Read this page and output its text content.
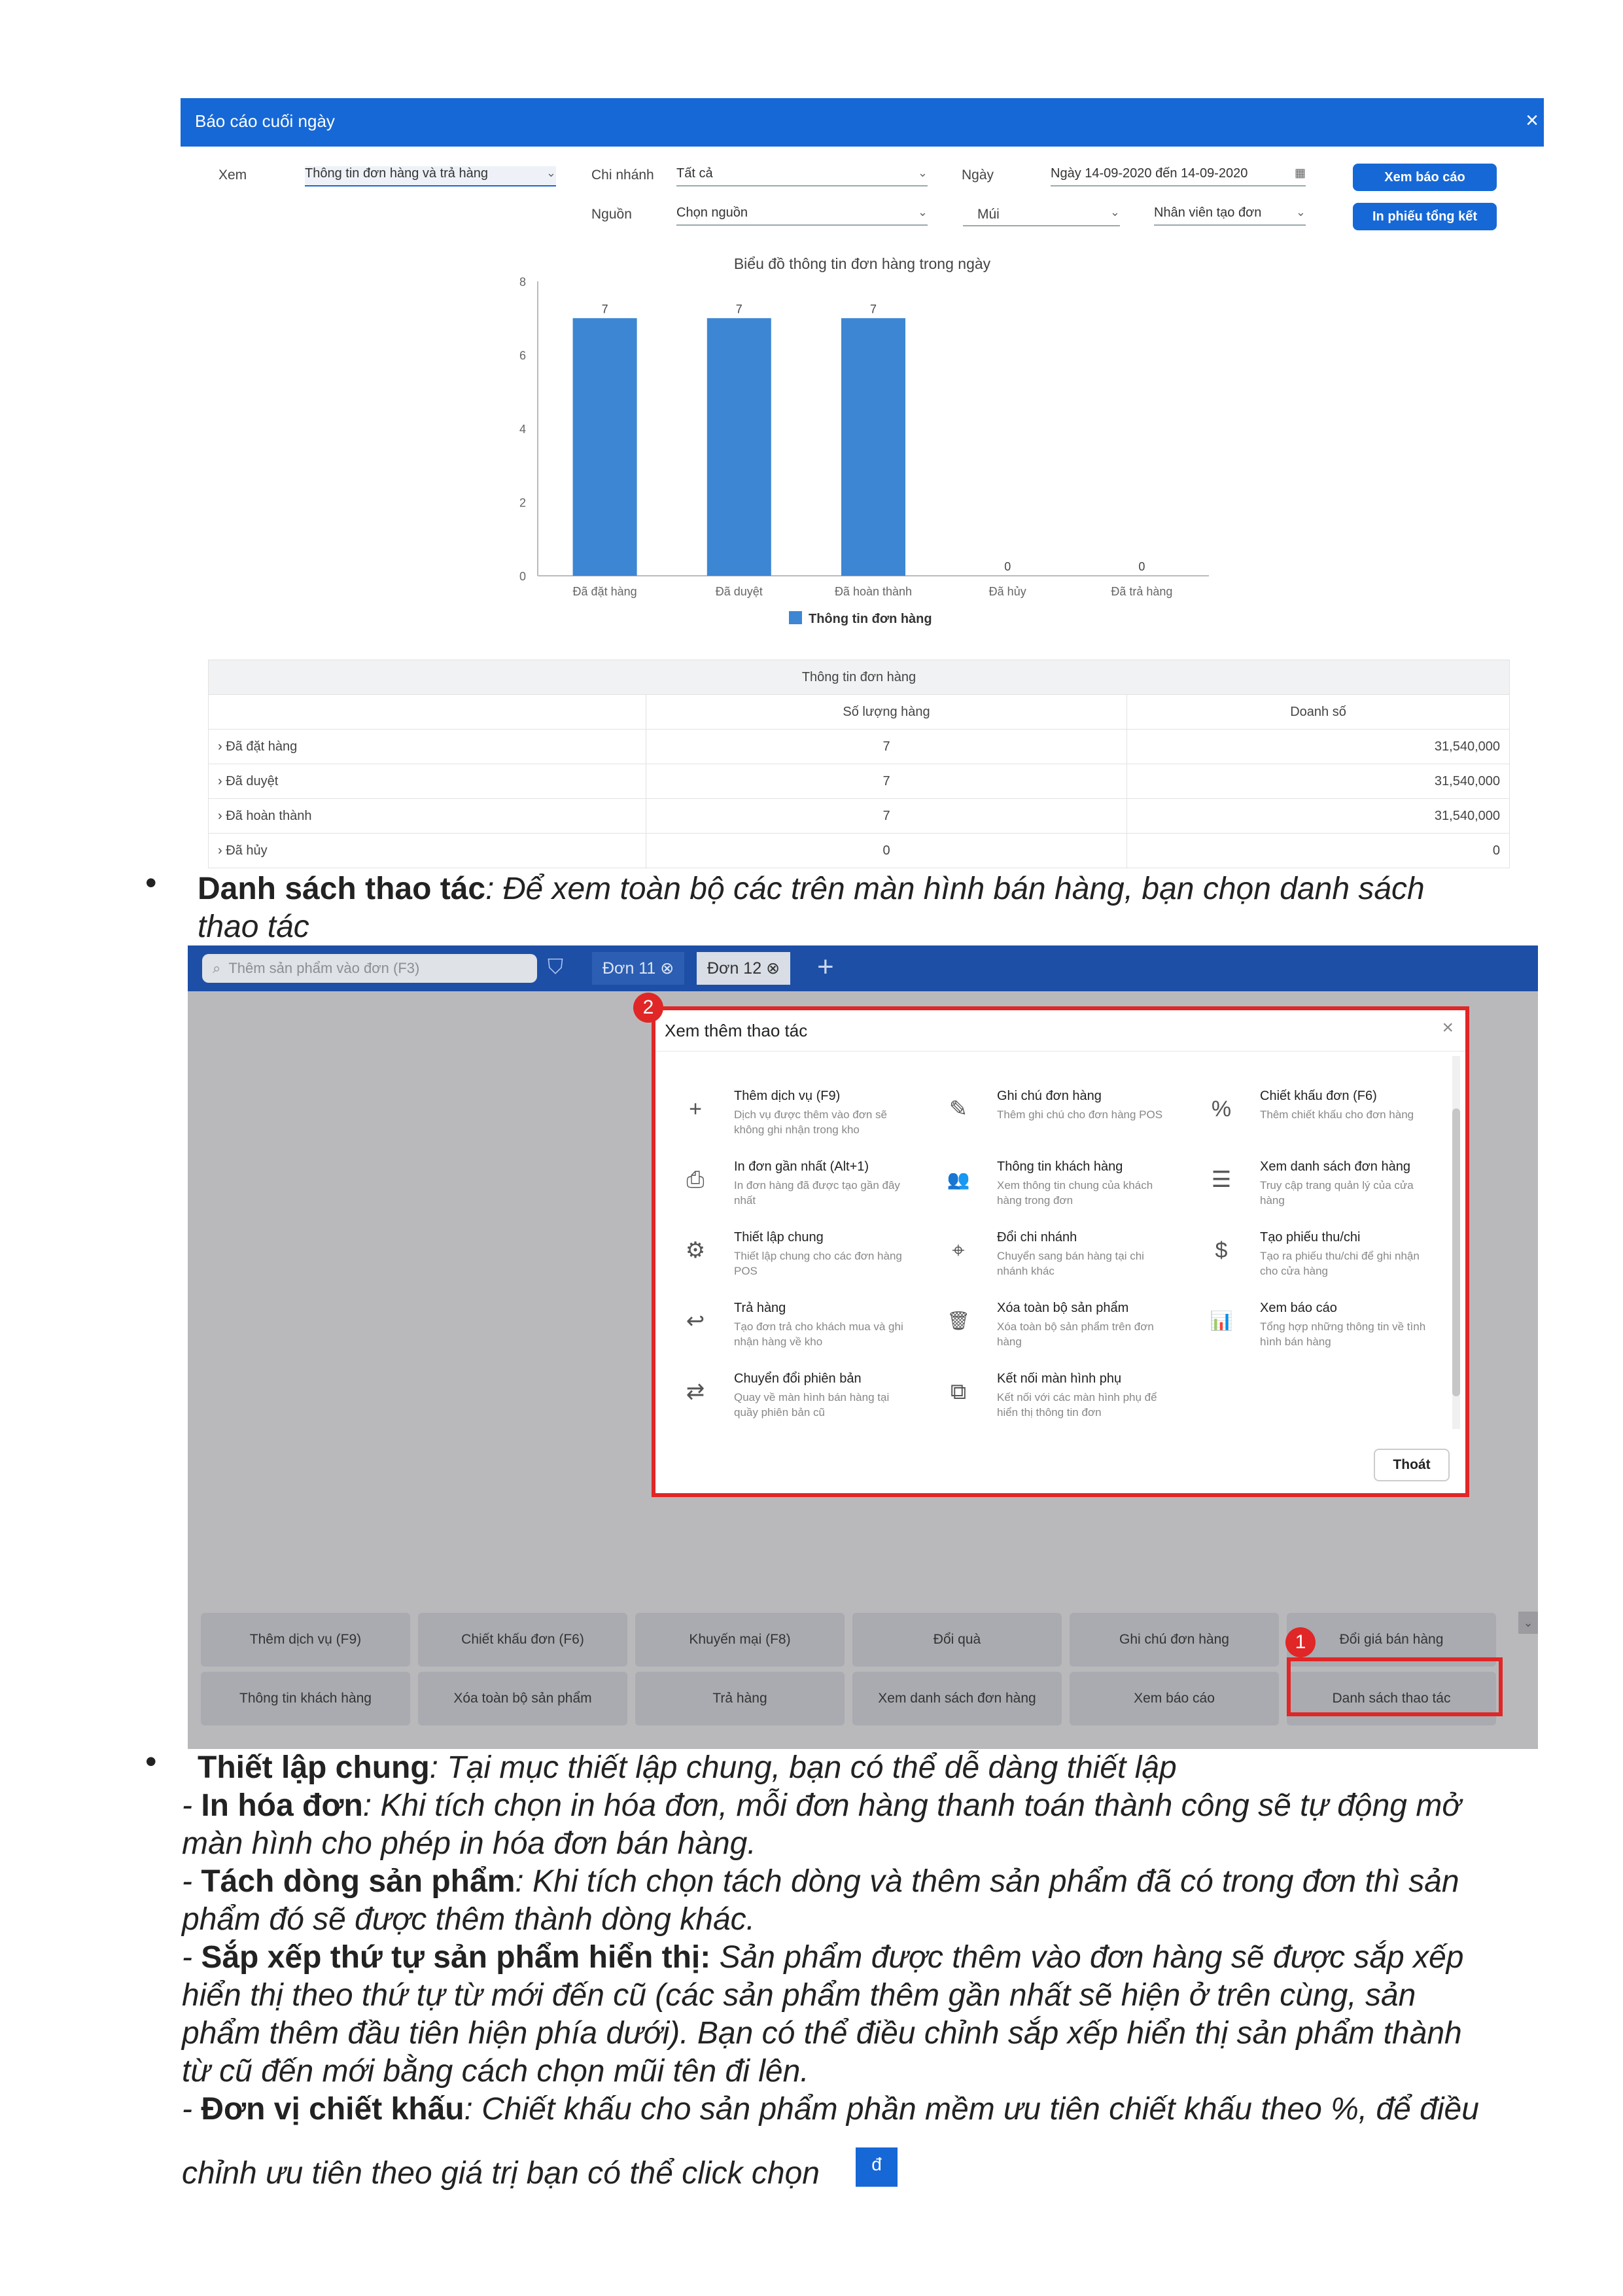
Báo cáo cuối ngày	×
Xem	Thông tin đơn hàng và trả hàng	⌄	Chi nhánh Tất cả	⌄ Ngày	Ngày 14-09-2020 đến 14-09-2020	▦	Xem báo cáo
Nguồn	Chọn nguồn	⌄	Múi	⌄	Nhân viên tạo đơn	⌄	In phiếu tổng kết
Biểu đồ thông tin đơn hàng trong ngày
0
2
4
6
8
7
Đã đặt hàng
7
Đã duyệt
7
Đã hoàn thành
0
Đã hủy
0
Đã trả hàng
Thông tin đơn hàng
Thông tin đơn hàng		
	Số lượng hàng	Doanh số
› Đã đặt hàng	7	31,540,000
› Đã duyệt	7	31,540,000
› Đã hoàn thành	7	31,540,000
› Đã hủy	0	0
• Danh sách thao tác: Để xem toàn bộ các trên màn hình bán hàng, bạn chọn danh sách
thao tác
⌕ Thêm sản phẩm vào đơn (F3)	⛉	Đơn 11 ⊗	Đơn 12 ⊗	+
Xem thêm thao tác	×
+
Thêm dịch vụ (F9)
Dịch vụ được thêm vào đơn sẽ không ghi nhận trong kho
✎
Ghi chú đơn hàng
Thêm ghi chú cho đơn hàng POS %
Chiết khấu đơn (F6)
Thêm chiết khấu cho đơn hàng
⎙
In đơn gần nhất (Alt+1)
In đơn hàng đã được tạo gần đây nhất
👥
Thông tin khách hàng
Xem thông tin chung của khách hàng trong đơn
☰
Xem danh sách đơn hàng
Truy cập trang quản lý của cửa hàng
⚙
Thiết lập chung
Thiết lập chung cho các đơn hàng POS
⌖
Đổi chi nhánh
Chuyển sang bán hàng tại chi nhánh khác
$
Tạo phiếu thu/chi
Tạo ra phiếu thu/chi để ghi nhận cho cửa hàng
↩
Trả hàng
Tạo đơn trả cho khách mua và ghi nhận hàng về kho
🗑
Xóa toàn bộ sản phẩm
Xóa toàn bộ sản phẩm trên đơn hàng
📊
Xem báo cáo
Tổng hợp những thông tin về tình hình bán hàng
⇄
Chuyển đổi phiên bản
Quay về màn hình bán hàng tại quầy phiên bản cũ
⧉
Kết nối màn hình phụ
Kết nối với các màn hình phụ để hiển thị thông tin đơn
Thoát
2
⌄
Thêm dịch vụ (F9)	Chiết khấu đơn (F6)	Khuyến mại (F8)	Đổi quà	Ghi chú đơn hàng	Đổi giá bán hàng
Thông tin khách hàng	Xóa toàn bộ sản phẩm	Trả hàng	Xem danh sách đơn hàng	Xem báo cáo	Danh sách thao tác
1
• Thiết lập chung: Tại mục thiết lập chung, bạn có thể dễ dàng thiết lập
- In hóa đơn: Khi tích chọn in hóa đơn, mỗi đơn hàng thanh toán thành công sẽ tự động mở
màn hình cho phép in hóa đơn bán hàng.
- Tách dòng sản phẩm: Khi tích chọn tách dòng và thêm sản phẩm đã có trong đơn thì sản
phẩm đó sẽ được thêm thành dòng khác.
- Sắp xếp thứ tự sản phẩm hiển thị: Sản phẩm được thêm vào đơn hàng sẽ được sắp xếp
hiển thị theo thứ tự từ mới đến cũ (các sản phẩm thêm gần nhất sẽ hiện ở trên cùng, sản
phẩm thêm đầu tiên hiện phía dưới). Bạn có thể điều chỉnh sắp xếp hiển thị sản phẩm thành
từ cũ đến mới bằng cách chọn mũi tên đi lên.
- Đơn vị chiết khấu: Chiết khấu cho sản phẩm phần mềm ưu tiên chiết khấu theo %, để điều
chỉnh ưu tiên theo giá trị bạn có thể click chọn	đ
